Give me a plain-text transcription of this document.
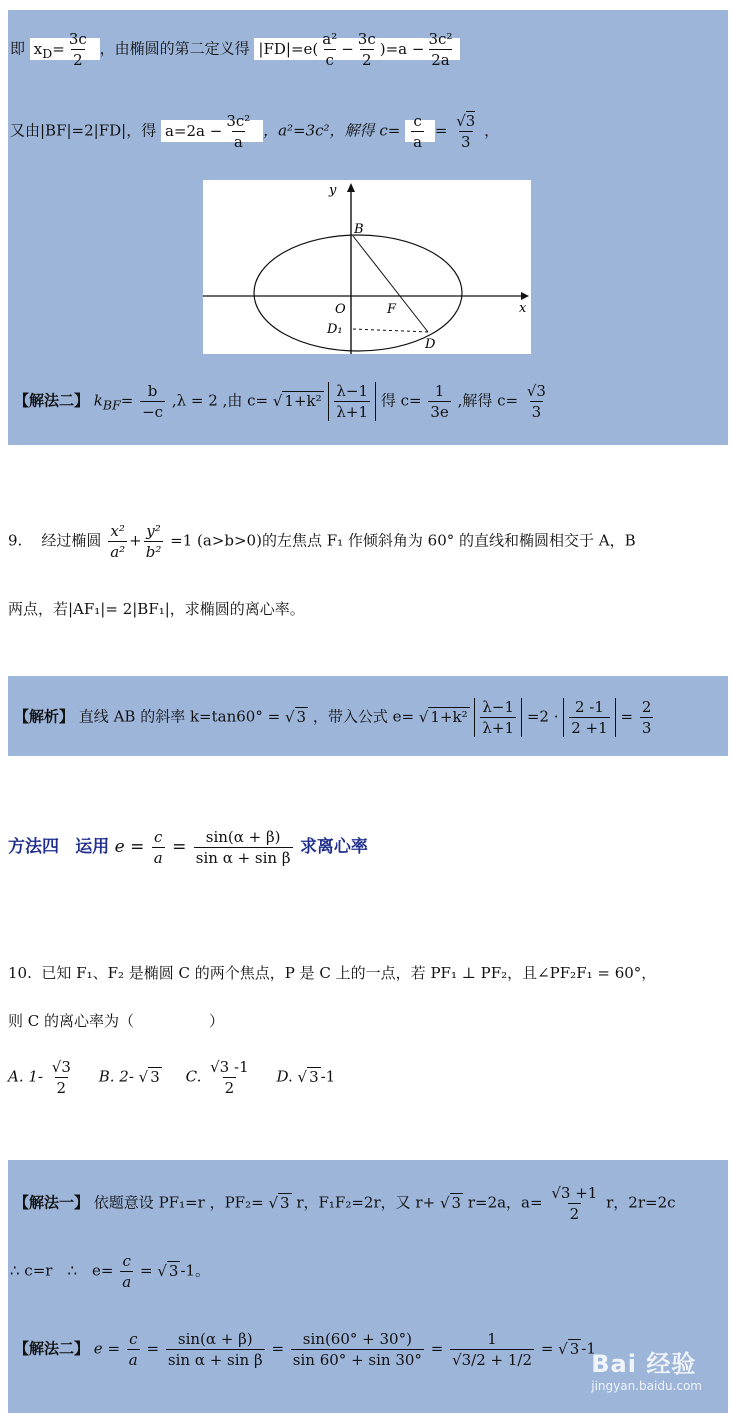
即 $x_D= \frac{3c}{2}$ ，由椭圆的第二定义得 $|FD|=e( \frac{\text{a²}}{c} - \frac{3c}{2} )=a - \frac{\text{3c²}}{2a}$
又由|BF|=2|FD|，得 $a=2a - \frac{\text{3c²}}{a}$ ，a²=3c²，解得 $c= \frac{c}{a} = \frac{√3}{3}$ ，
y
x
B
O	F
D₁
D
【解法二】 $k_{BF}= \frac{b}{-c} ,\lambda = 2$ ,由 c= √ $1+k^2 \frac{\lambda-1}{\lambda+1}$ 得 $c= \frac{1}{3e}$ ,解得 $c= \frac{√3}{3}$
9. 经过椭圆 $\frac{\text{x²}}{\text{a²}} + \frac{\text{y²}}{\text{b²}} =1$ (a>b>0)的左焦点 F₁ 作倾斜角为 60° 的直线和椭圆相交于 A，B
两点，若|AF₁|= 2|BF₁|，求椭圆的离心率。
【解析】 直线 AB 的斜率 k=tan60° = √ 3 ，带入公式 e= √ $1+k^2 \frac{\lambda-1}{\lambda+1} =2 \cdot \frac{2 -1}{2 +1} = \frac{2}{3}$
方法四 运用 $e = \frac{c}{a} = \frac{\sin(\alpha + \beta)}{\text{sin α + sin β}}$ 求离心率
10. 已知 F₁、F₂ 是椭圆 C 的两个焦点，P 是 C 上的一点，若 PF₁ ⊥ PF₂，且∠PF₂F₁ = 60°，
则 C 的离心率为（　　　　　）
A. $1- \frac{√3}{2} B$. 2- √ 3 C. $\frac{√3 -1}{2} D$. √ 3 -1
【解法一】 依题意设 PF₁=r ，PF₂= √ 3 r，F₁F₂=2r，又 r+ √ 3 r=2a，$a= \frac{√3 +1}{2}$ r，2r=2c
∴ c=r　∴　$e= \frac{c}{a}$ = √ 3 -1。
【解法二】 $e = \frac{c}{a} = \frac{\sin(\alpha + \beta)}{\text{sin α + sin β}} = \frac{\sin(60^\circ + 30^\circ)}{\sin 60^\circ + \sin 30^\circ} = \frac{1}{√3/2 + 1/2}$ = √ 3 -1
Bai 经验
jingyan.baidu.com
